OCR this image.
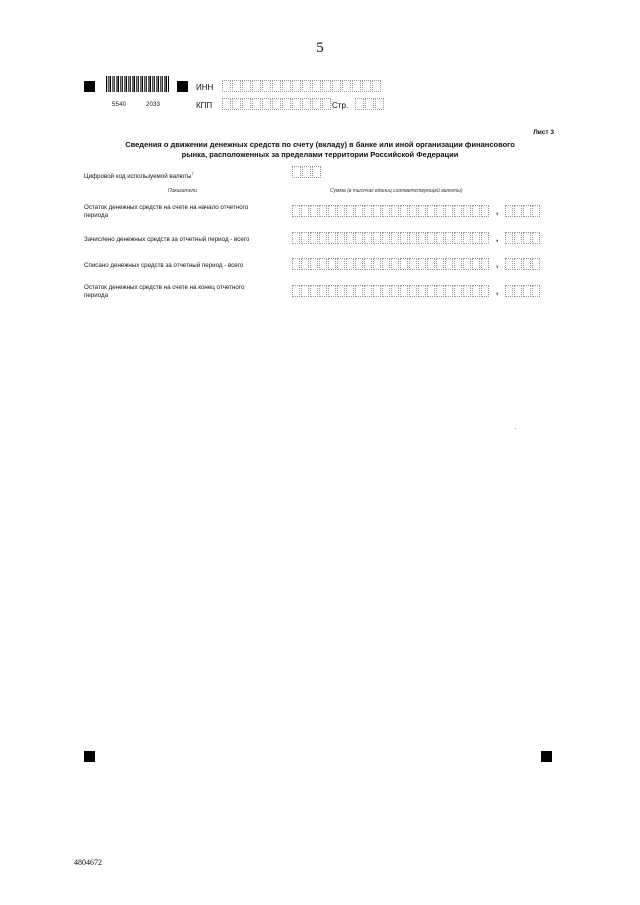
5
5540	2033
ИНН
КПП	Стр.
Лист 3
Сведения о движении денежных средств по счету (вкладу) в банке или иной организации финансового
рынка, расположенных за пределами территории Российской Федерации
Цифровой код используемой валюты$^7$
Показатели	Сумма (в тысячах единиц соответствующей валюты)
Остаток денежных средств на счете на начало отчетного
периода	,
Зачислено денежных средств за отчетный период - всего	,
Списано денежных средств за отчетный период - всего	,
Остаток денежных средств на счете на конец отчетного
периода	,
4804672
